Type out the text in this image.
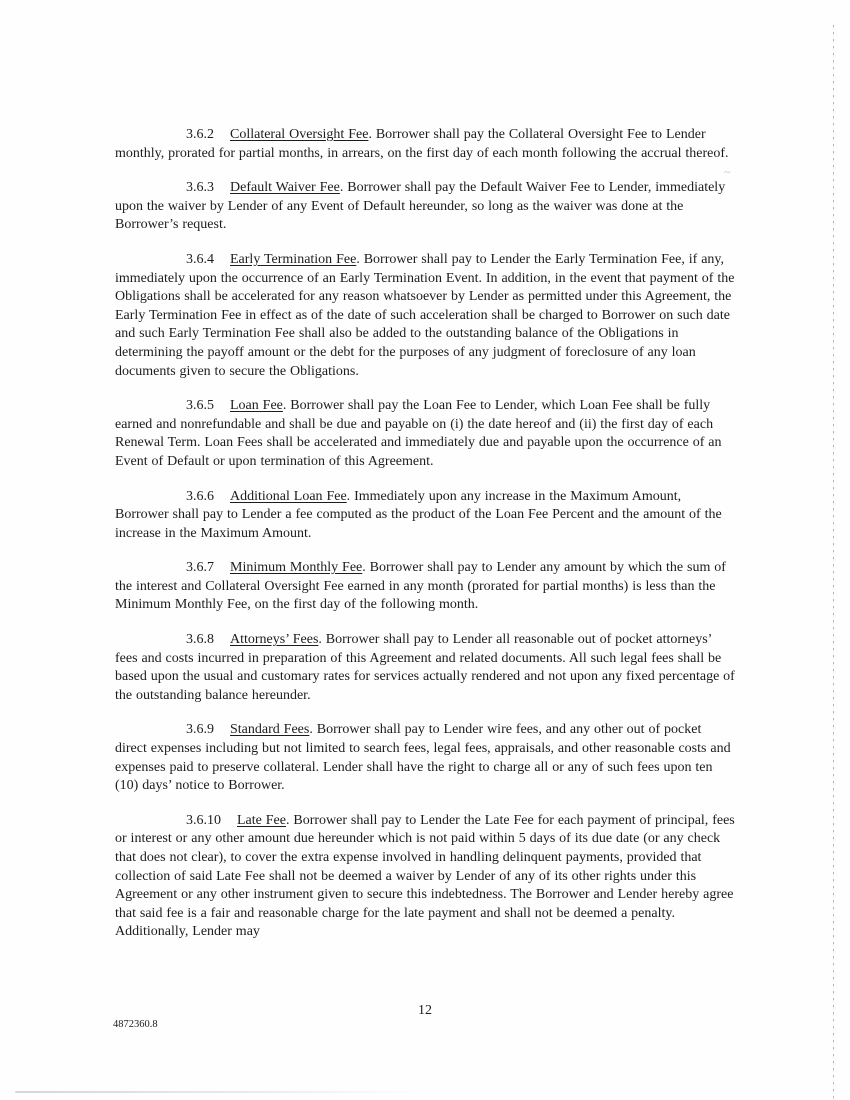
3.6.2 Collateral Oversight Fee. Borrower shall pay the Collateral Oversight Fee to Lender monthly, prorated for partial months, in arrears, on the first day of each month following the accrual thereof.

3.6.3 Default Waiver Fee. Borrower shall pay the Default Waiver Fee to Lender, immediately upon the waiver by Lender of any Event of Default hereunder, so long as the waiver was done at the Borrower’s request.

3.6.4 Early Termination Fee. Borrower shall pay to Lender the Early Termination Fee, if any, immediately upon the occurrence of an Early Termination Event. In addition, in the event that payment of the Obligations shall be accelerated for any reason whatsoever by Lender as permitted under this Agreement, the Early Termination Fee in effect as of the date of such acceleration shall be charged to Borrower on such date and such Early Termination Fee shall also be added to the outstanding balance of the Obligations in determining the payoff amount or the debt for the purposes of any judgment of foreclosure of any loan documents given to secure the Obligations.

3.6.5 Loan Fee. Borrower shall pay the Loan Fee to Lender, which Loan Fee shall be fully earned and nonrefundable and shall be due and payable on (i) the date hereof and (ii) the first day of each Renewal Term. Loan Fees shall be accelerated and immediately due and payable upon the occurrence of an Event of Default or upon termination of this Agreement.

3.6.6 Additional Loan Fee. Immediately upon any increase in the Maximum Amount, Borrower shall pay to Lender a fee computed as the product of the Loan Fee Percent and the amount of the increase in the Maximum Amount.

3.6.7 Minimum Monthly Fee. Borrower shall pay to Lender any amount by which the sum of the interest and Collateral Oversight Fee earned in any month (prorated for partial months) is less than the Minimum Monthly Fee, on the first day of the following month.

3.6.8 Attorneys’ Fees. Borrower shall pay to Lender all reasonable out of pocket attorneys’ fees and costs incurred in preparation of this Agreement and related documents. All such legal fees shall be based upon the usual and customary rates for services actually rendered and not upon any fixed percentage of the outstanding balance hereunder.

3.6.9 Standard Fees. Borrower shall pay to Lender wire fees, and any other out of pocket direct expenses including but not limited to search fees, legal fees, appraisals, and other reasonable costs and expenses paid to preserve collateral. Lender shall have the right to charge all or any of such fees upon ten (10) days’ notice to Borrower.

3.6.10 Late Fee. Borrower shall pay to Lender the Late Fee for each payment of principal, fees or interest or any other amount due hereunder which is not paid within 5 days of its due date (or any check that does not clear), to cover the extra expense involved in handling delinquent payments, provided that collection of said Late Fee shall not be deemed a waiver by Lender of any of its other rights under this Agreement or any other instrument given to secure this indebtedness. The Borrower and Lender hereby agree that said fee is a fair and reasonable charge for the late payment and shall not be deemed a penalty. Additionally, Lender may

12
4872360.8
~
